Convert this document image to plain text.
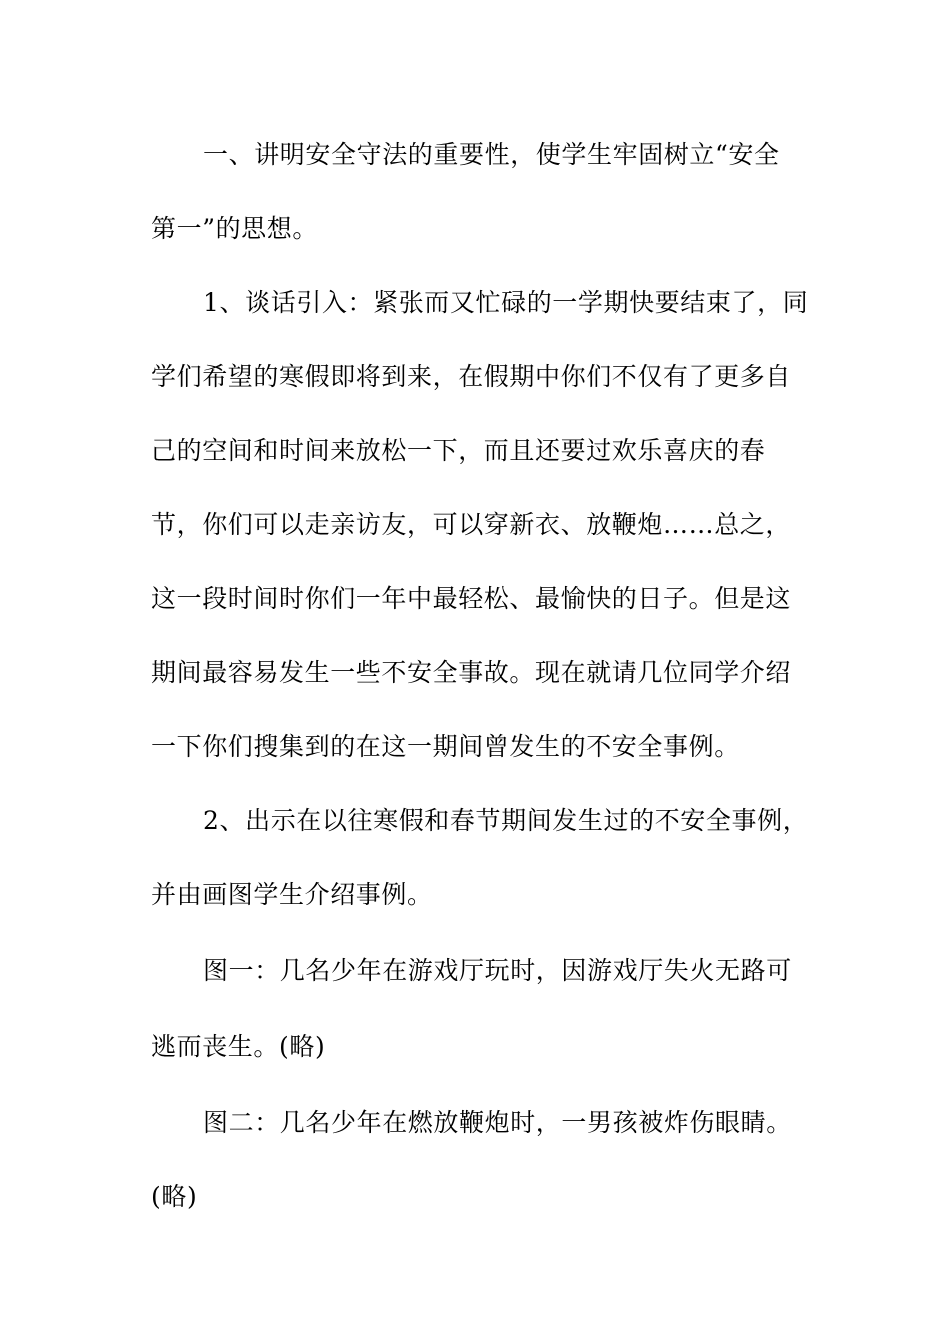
一、讲明安全守法的重要性，使学生牢固树立“安全
第一”的思想。
1、谈话引入：紧张而又忙碌的一学期快要结束了，同
学们希望的寒假即将到来，在假期中你们不仅有了更多自
己的空间和时间来放松一下，而且还要过欢乐喜庆的春
节，你们可以走亲访友，可以穿新衣、放鞭炮……总之，
这一段时间时你们一年中最轻松、最愉快的日子。但是这
期间最容易发生一些不安全事故。现在就请几位同学介绍
一下你们搜集到的在这一期间曾发生的不安全事例。
2、出示在以往寒假和春节期间发生过的不安全事例，
并由画图学生介绍事例。
图一：几名少年在游戏厅玩时，因游戏厅失火无路可
逃而丧生。(略)
图二：几名少年在燃放鞭炮时，一男孩被炸伤眼睛。
(略)
